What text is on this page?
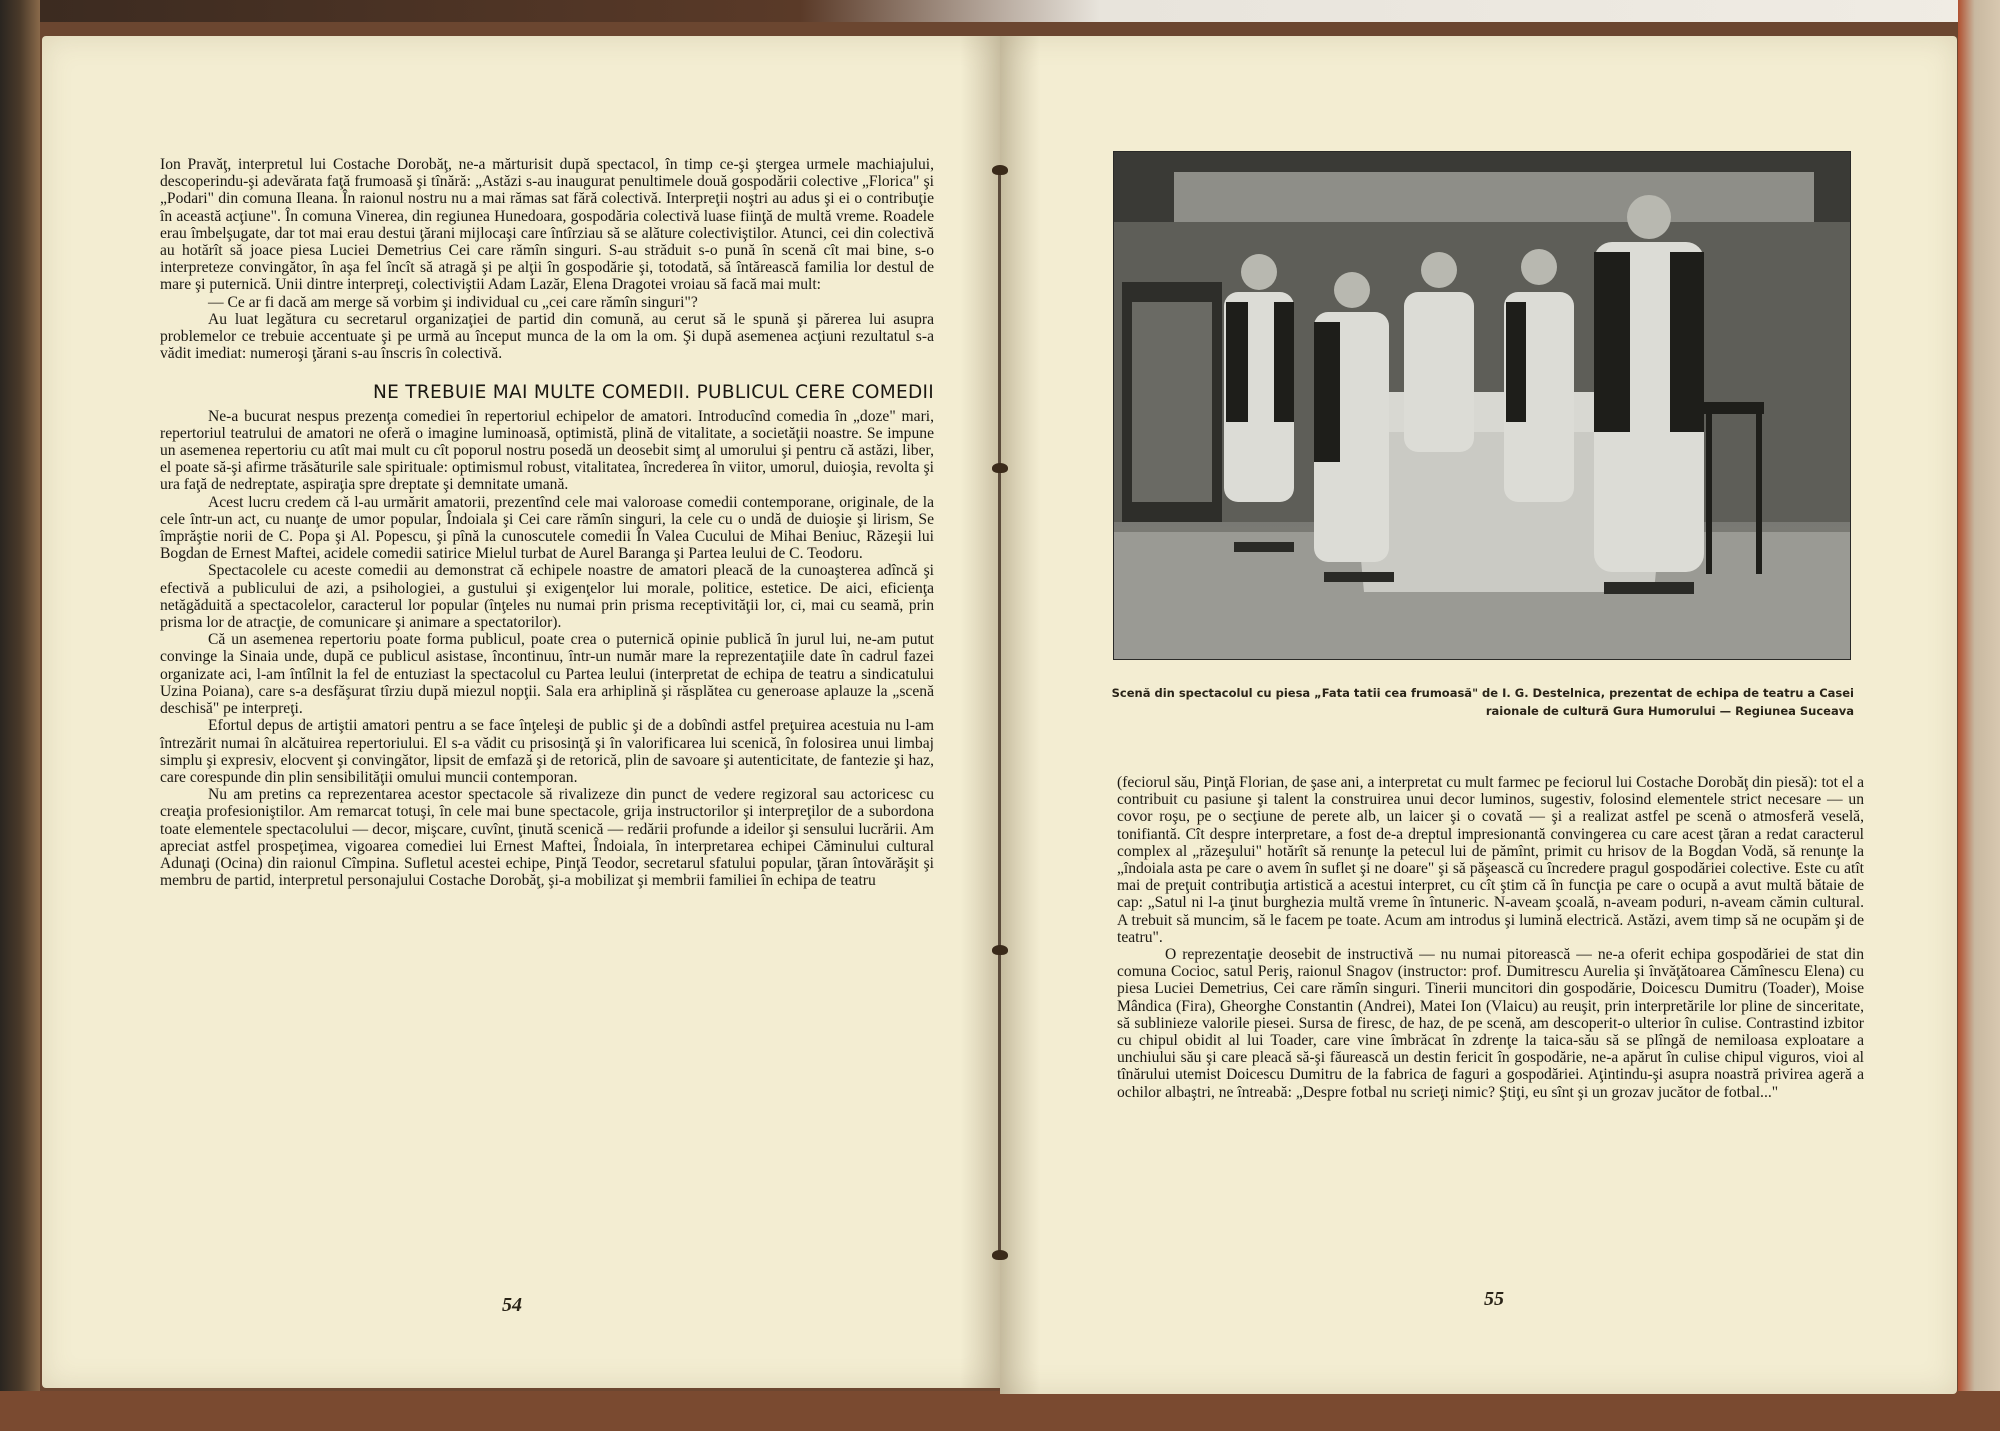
Ion Pravăţ, interpretul lui Costache Dorobăţ, ne-a mărturisit după spectacol, în timp ce-şi ştergea urmele machiajului, descoperindu-şi adevărata faţă frumoasă şi tînără: „Astăzi s-au inaugurat penultimele două gospodării colective „Florica" şi „Podari" din comuna Ileana. În raionul nostru nu a mai rămas sat fără colectivă. Interpreţii noştri au adus şi ei o contribuţie în această acţiune". În comuna Vinerea, din regiunea Hunedoara, gospodăria colectivă luase fiinţă de multă vreme. Roadele erau îmbelşugate, dar tot mai erau destui ţărani mijlocaşi care întîrziau să se alăture colectiviştilor. Atunci, cei din colectivă au hotărît să joace piesa Luciei Demetrius Cei care rămîn singuri. S-au străduit s-o pună în scenă cît mai bine, s-o interpreteze convingător, în aşa fel încît să atragă şi pe alţii în gospodărie şi, totodată, să întărească familia lor destul de mare şi puternică. Unii dintre interpreţi, colectiviştii Adam Lazăr, Elena Dragotei vroiau să facă mai mult:

— Ce ar fi dacă am merge să vorbim şi individual cu „cei care rămîn singuri"?

Au luat legătura cu secretarul organizaţiei de partid din comună, au cerut să le spună şi părerea lui asupra problemelor ce trebuie accentuate şi pe urmă au început munca de la om la om. Şi după asemenea acţiuni rezultatul s-a vădit imediat: numeroşi ţărani s-au înscris în colectivă.

NE TREBUIE MAI MULTE COMEDII. PUBLICUL CERE COMEDII

Ne-a bucurat nespus prezenţa comediei în repertoriul echipelor de amatori. Introducînd comedia în „doze" mari, repertoriul teatrului de amatori ne oferă o imagine luminoasă, optimistă, plină de vitalitate, a societăţii noastre. Se impune un asemenea repertoriu cu atît mai mult cu cît poporul nostru posedă un deosebit simţ al umorului şi pentru că astăzi, liber, el poate să-şi afirme trăsăturile sale spirituale: optimismul robust, vitalitatea, încrederea în viitor, umorul, duioşia, revolta şi ura faţă de nedreptate, aspiraţia spre dreptate şi demnitate umană.

Acest lucru credem că l-au urmărit amatorii, prezentînd cele mai valoroase comedii contemporane, originale, de la cele într-un act, cu nuanţe de umor popular, Îndoiala şi Cei care rămîn singuri, la cele cu o undă de duioşie şi lirism, Se împrăştie norii de C. Popa şi Al. Popescu, şi pînă la cunoscutele comedii În Valea Cucului de Mihai Beniuc, Răzeşii lui Bogdan de Ernest Maftei, acidele comedii satirice Mielul turbat de Aurel Baranga şi Partea leului de C. Teodoru.

Spectacolele cu aceste comedii au demonstrat că echipele noastre de amatori pleacă de la cunoaşterea adîncă şi efectivă a publicului de azi, a psihologiei, a gustului şi exigenţelor lui morale, politice, estetice. De aici, eficienţa netăgăduită a spectacolelor, caracterul lor popular (înţeles nu numai prin prisma receptivităţii lor, ci, mai cu seamă, prin prisma lor de atracţie, de comunicare şi animare a spectatorilor).

Că un asemenea repertoriu poate forma publicul, poate crea o puternică opinie publică în jurul lui, ne-am putut convinge la Sinaia unde, după ce publicul asistase, încontinuu, într-un număr mare la reprezentaţiile date în cadrul fazei organizate aci, l-am întîlnit la fel de entuziast la spectacolul cu Partea leului (interpretat de echipa de teatru a sindicatului Uzina Poiana), care s-a desfăşurat tîrziu după miezul nopţii. Sala era arhiplină şi răsplătea cu generoase aplauze la „scenă deschisă" pe interpreţi.

Efortul depus de artiştii amatori pentru a se face înţeleşi de public şi de a dobîndi astfel preţuirea acestuia nu l-am întrezărit numai în alcătuirea repertoriului. El s-a vădit cu prisosinţă şi în valorificarea lui scenică, în folosirea unui limbaj simplu şi expresiv, elocvent şi convingător, lipsit de emfază şi de retorică, plin de savoare şi autenticitate, de fantezie şi haz, care corespunde din plin sensibilităţii omului muncii contemporan.

Nu am pretins ca reprezentarea acestor spectacole să rivalizeze din punct de vedere regizoral sau actoricesc cu creaţia profesioniştilor. Am remarcat totuşi, în cele mai bune spectacole, grija instructorilor şi interpreţilor de a subordona toate elementele spectacolului — decor, mişcare, cuvînt, ţinută scenică — redării profunde a ideilor şi sensului lucrării. Am apreciat astfel prospeţimea, vigoarea comediei lui Ernest Maftei, Îndoiala, în interpretarea echipei Căminului cultural Adunaţi (Ocina) din raionul Cîmpina. Sufletul acestei echipe, Pinţă Teodor, secretarul sfatului popular, ţăran întovărăşit şi membru de partid, interpretul personajului Costache Dorobăţ, şi-a mobilizat şi membrii familiei în echipa de teatru

54
Scenă din spectacolul cu piesa „Fata tatii cea frumoasă" de I. G. Destelnica, prezentat de echipa de teatru a Casei raionale de cultură Gura Humorului — Regiunea Suceava

(feciorul său, Pinţă Florian, de şase ani, a interpretat cu mult farmec pe feciorul lui Costache Dorobăţ din piesă): tot el a contribuit cu pasiune şi talent la construirea unui decor luminos, sugestiv, folosind elementele strict necesare — un covor roşu, pe o secţiune de perete alb, un laicer şi o covată — şi a realizat astfel pe scenă o atmosferă veselă, tonifiantă. Cît despre interpretare, a fost de-a dreptul impresionantă convingerea cu care acest ţăran a redat caracterul complex al „răzeşului" hotărît să renunţe la petecul lui de pămînt, primit cu hrisov de la Bogdan Vodă, să renunţe la „îndoiala asta pe care o avem în suflet şi ne doare" şi să păşească cu încredere pragul gospodăriei colective. Este cu atît mai de preţuit contribuţia artistică a acestui interpret, cu cît ştim că în funcţia pe care o ocupă a avut multă bătaie de cap: „Satul ni l-a ţinut burghezia multă vreme în întuneric. N-aveam şcoală, n-aveam poduri, n-aveam cămin cultural. A trebuit să muncim, să le facem pe toate. Acum am introdus şi lumină electrică. Astăzi, avem timp să ne ocupăm şi de teatru".

O reprezentaţie deosebit de instructivă — nu numai pitorească — ne-a oferit echipa gospodăriei de stat din comuna Cocioc, satul Periş, raionul Snagov (instructor: prof. Dumitrescu Aurelia şi învăţătoarea Cămînescu Elena) cu piesa Luciei Demetrius, Cei care rămîn singuri. Tinerii muncitori din gospodărie, Doicescu Dumitru (Toader), Moise Mândica (Fira), Gheorghe Constantin (Andrei), Matei Ion (Vlaicu) au reuşit, prin interpretările lor pline de sinceritate, să sublinieze valorile piesei. Sursa de firesc, de haz, de pe scenă, am descoperit-o ulterior în culise. Contrastind izbitor cu chipul obidit al lui Toader, care vine îmbrăcat în zdrenţe la taica-său să se plîngă de nemiloasa exploatare a unchiului său şi care pleacă să-şi făurească un destin fericit în gospodărie, ne-a apărut în culise chipul viguros, vioi al tînărului utemist Doicescu Dumitru de la fabrica de faguri a gospodăriei. Aţintindu-şi asupra noastră privirea ageră a ochilor albaştri, ne întreabă: „Despre fotbal nu scrieţi nimic? Ştiţi, eu sînt şi un grozav jucător de fotbal..."

55
